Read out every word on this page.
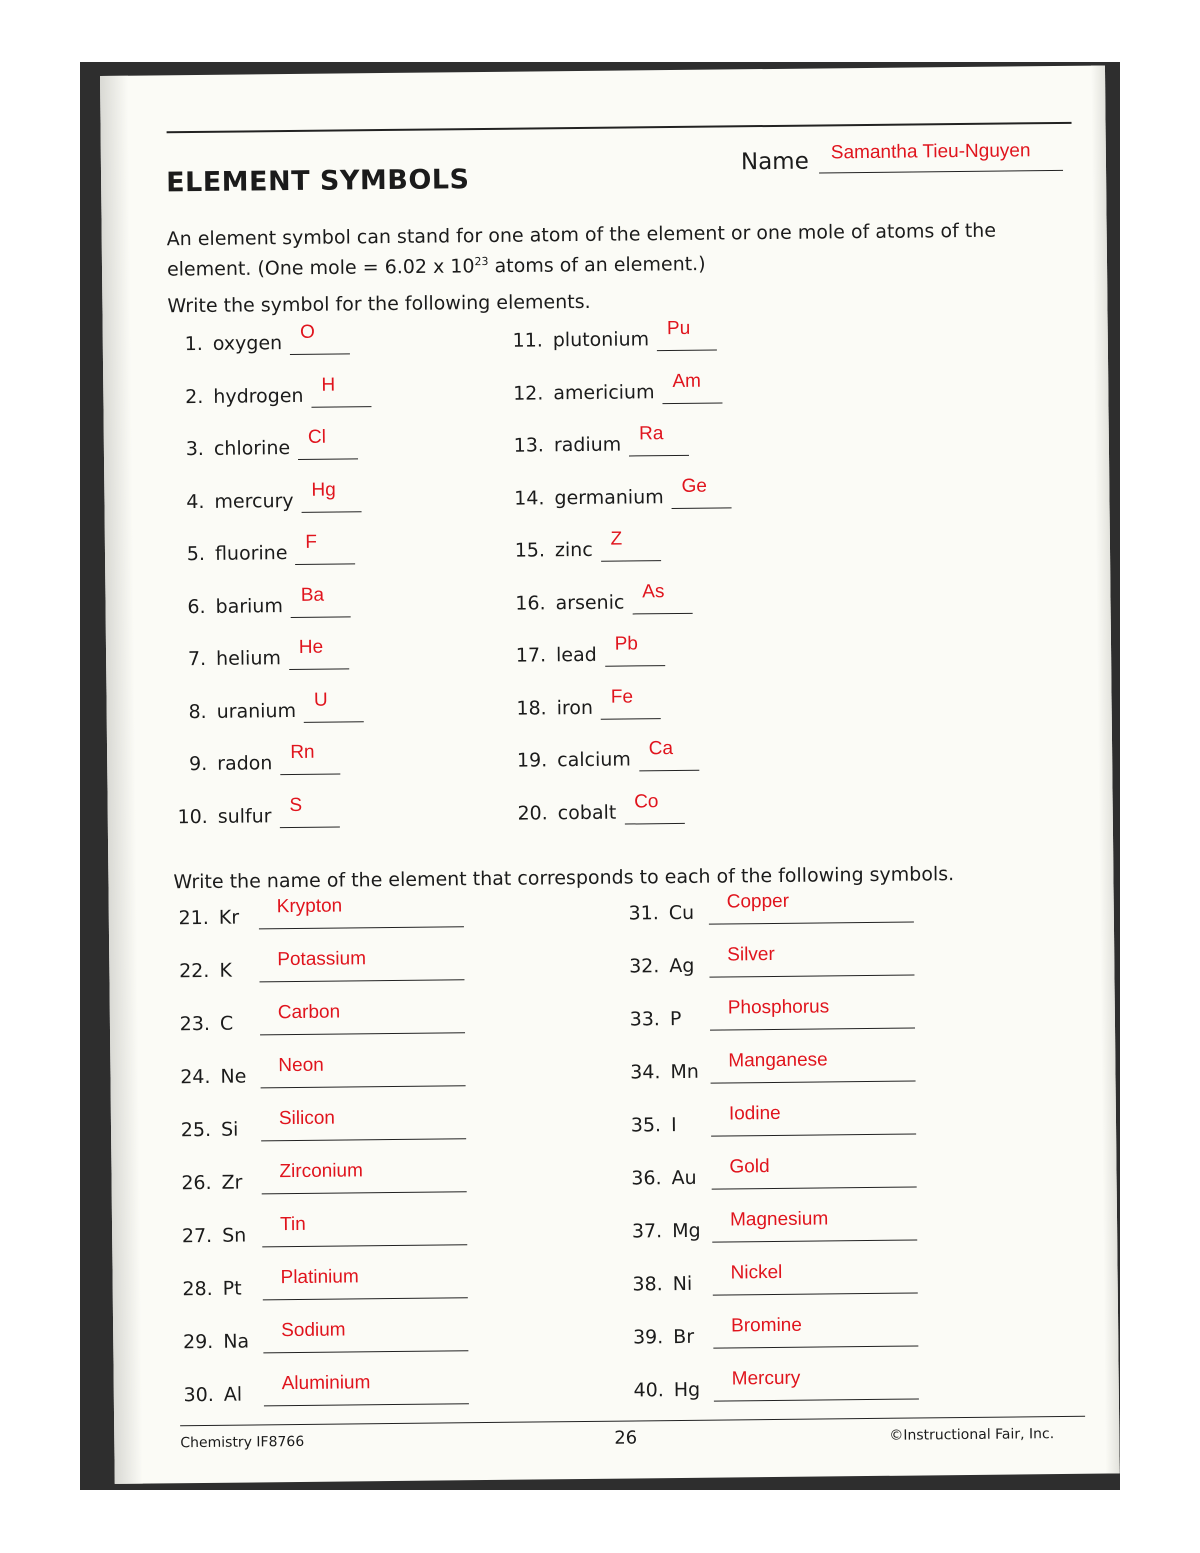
ELEMENT SYMBOLS
Name Samantha Tieu-Nguyen

An element symbol can stand for one atom of the element or one mole of atoms of the element. (One mole = 6.02 x $10^{23}$ atoms of an element.)

Write the symbol for the following elements.

1. oxygen O
2. hydrogen H
3. chlorine Cl
4. mercury Hg
5. fluorine F
6. barium Ba
7. helium He
8. uranium U
9. radon Rn
10. sulfur S
11. plutonium Pu
12. americium Am
13. radium Ra
14. germanium Ge
15. zinc Z
16. arsenic As
17. lead Pb
18. iron Fe
19. calcium Ca
20. cobalt Co

Write the name of the element that corresponds to each of the following symbols.

21. Kr
Krypton
22. K
Potassium
23. C
Carbon
24. Ne
Neon
25. Si
Silicon
26. Zr
Zirconium
27. Sn	Tin
28. Pt
Platinium
29. Na
Sodium
30. Al
Aluminium
31. Cu
Copper
32. Ag
Silver
33. P
Phosphorus
34. Mn
Manganese
35. I
Iodine
36. Au
Gold
37. Mg
Magnesium
38. Ni
Nickel
39. Br
Bromine
40. Hg
Mercury
Chemistry IF8766	26	©Instructional Fair, Inc.
